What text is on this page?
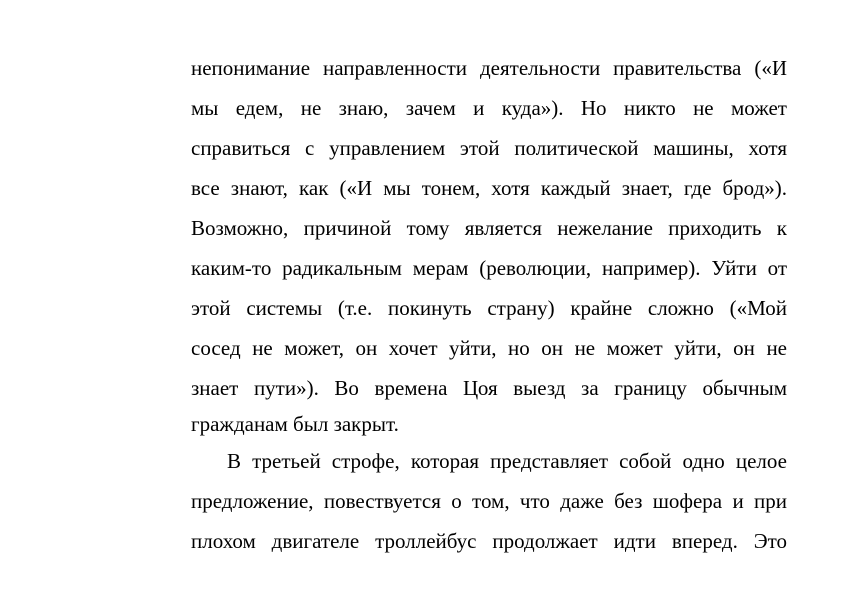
непонимание направленности деятельности правительства («И
мы едем, не знаю, зачем и куда»). Но никто не может
справиться с управлением этой политической машины, хотя
все знают, как («И мы тонем, хотя каждый знает, где брод»).
Возможно, причиной тому является нежелание приходить к
каким-то радикальным мерам (революции, например). Уйти от
этой системы (т.е. покинуть страну) крайне сложно («Мой
сосед не может, он хочет уйти, но он не может уйти, он не
знает пути»). Во времена Цоя выезд за границу обычным
гражданам был закрыт.
В третьей строфе, которая представляет собой одно целое
предложение, повествуется о том, что даже без шофера и при
плохом двигателе троллейбус продолжает идти вперед. Это
